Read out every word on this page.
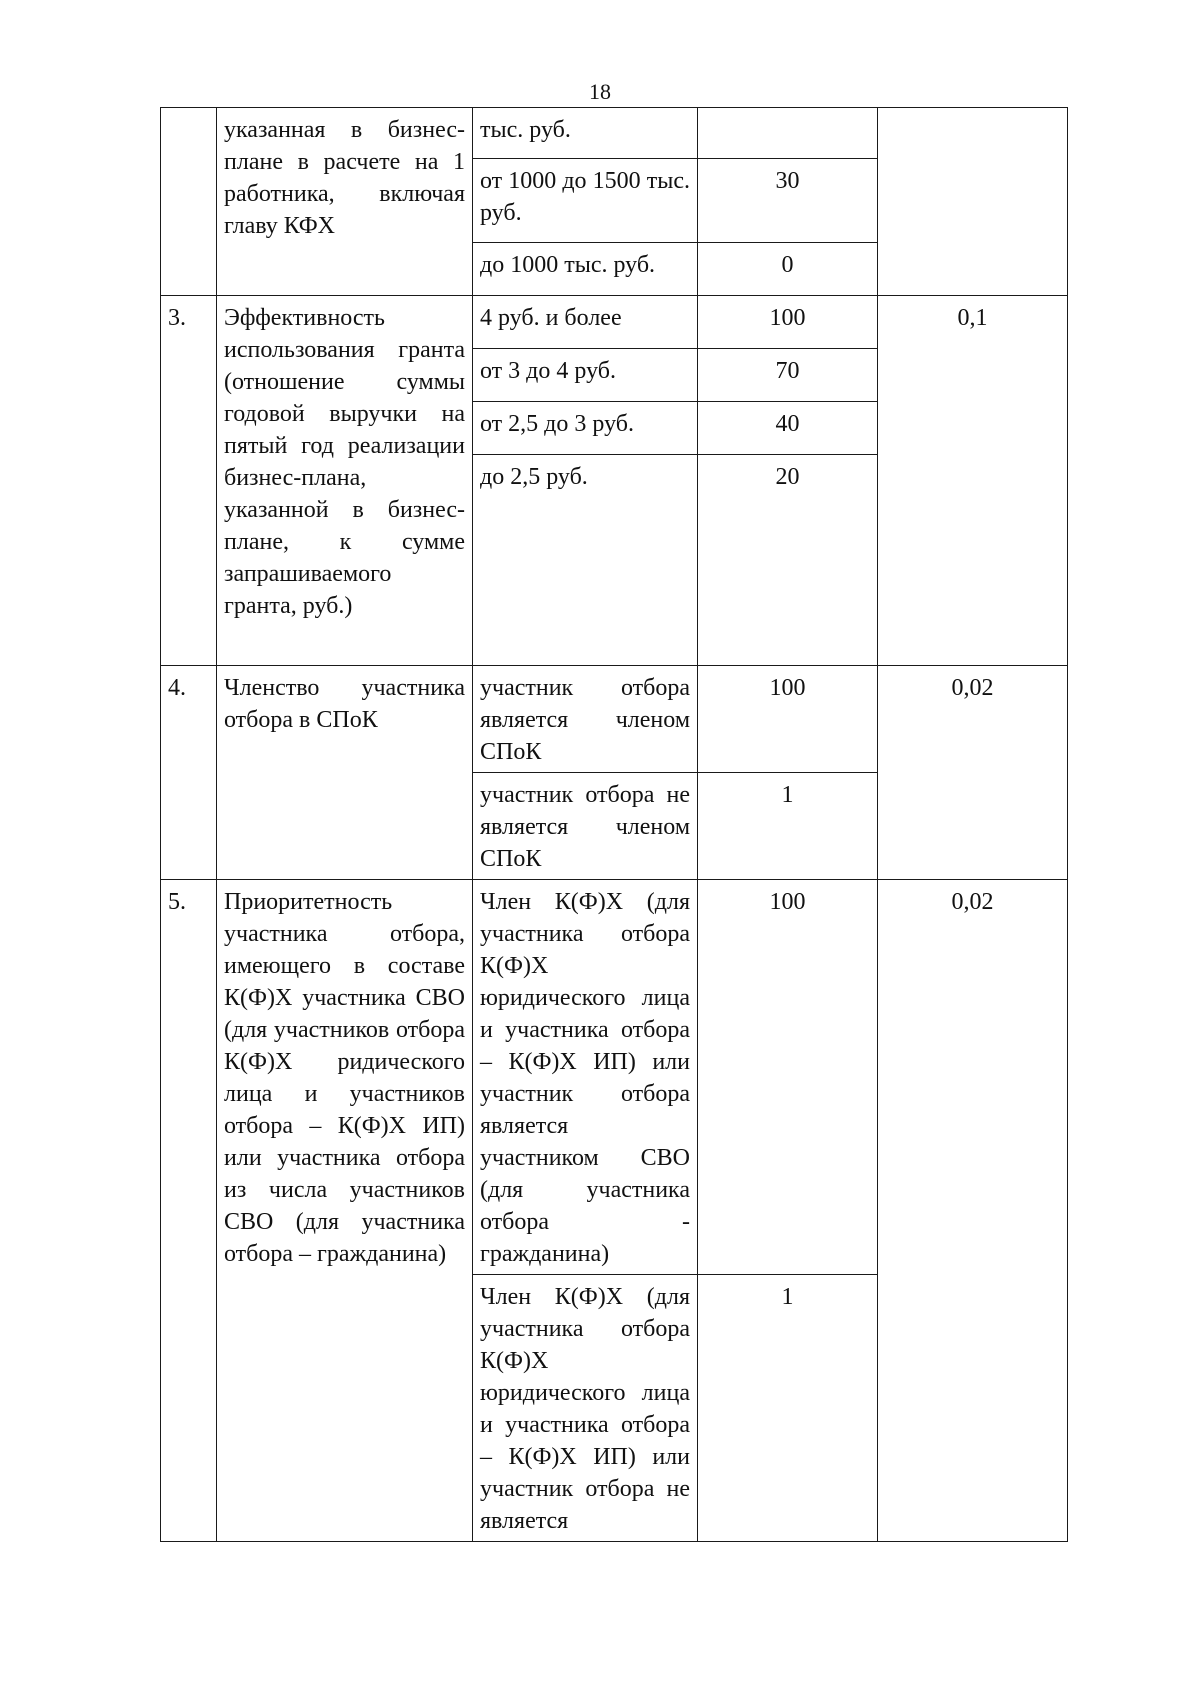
18
	указанная в бизнес-плане в расчете на 1 работника, включая главу КФХ	тыс. руб.		
		от 1000 до 1500 тыс. руб.	30	
		до 1000 тыс. руб.	0	
3.	Эффективность использования гранта (отношение суммы годовой выручки на пятый год реализации бизнес-плана, указанной в бизнес-плане, к сумме запрашиваемого гранта, руб.)	4 руб. и более	100	0,1
		от 3 до 4 руб.	70	
		от 2,5 до 3 руб.	40	
		до 2,5 руб.	20	
4.	Членство участника отбора в СПоК	участник отбора является членом СПоК	100	0,02
		участник отбора не является членом СПоК	1	
5.	Приоритетность участника отбора, имеющего в составе К(Ф)Х участника СВО (для участников отбора К(Ф)Х ридического лица и участников отбора – К(Ф)Х ИП) или участника отбора из числа участников СВО (для участника отбора – гражданина)	Член К(Ф)Х (для участника отбора К(Ф)Х юридического лица и участника отбора – К(Ф)Х ИП) или участник отбора является участником СВО (для участника отбора - гражданина)	100	0,02
		Член К(Ф)Х (для участника отбора К(Ф)Х юридического лица и участника отбора – К(Ф)Х ИП) или участник отбора не является	1	
